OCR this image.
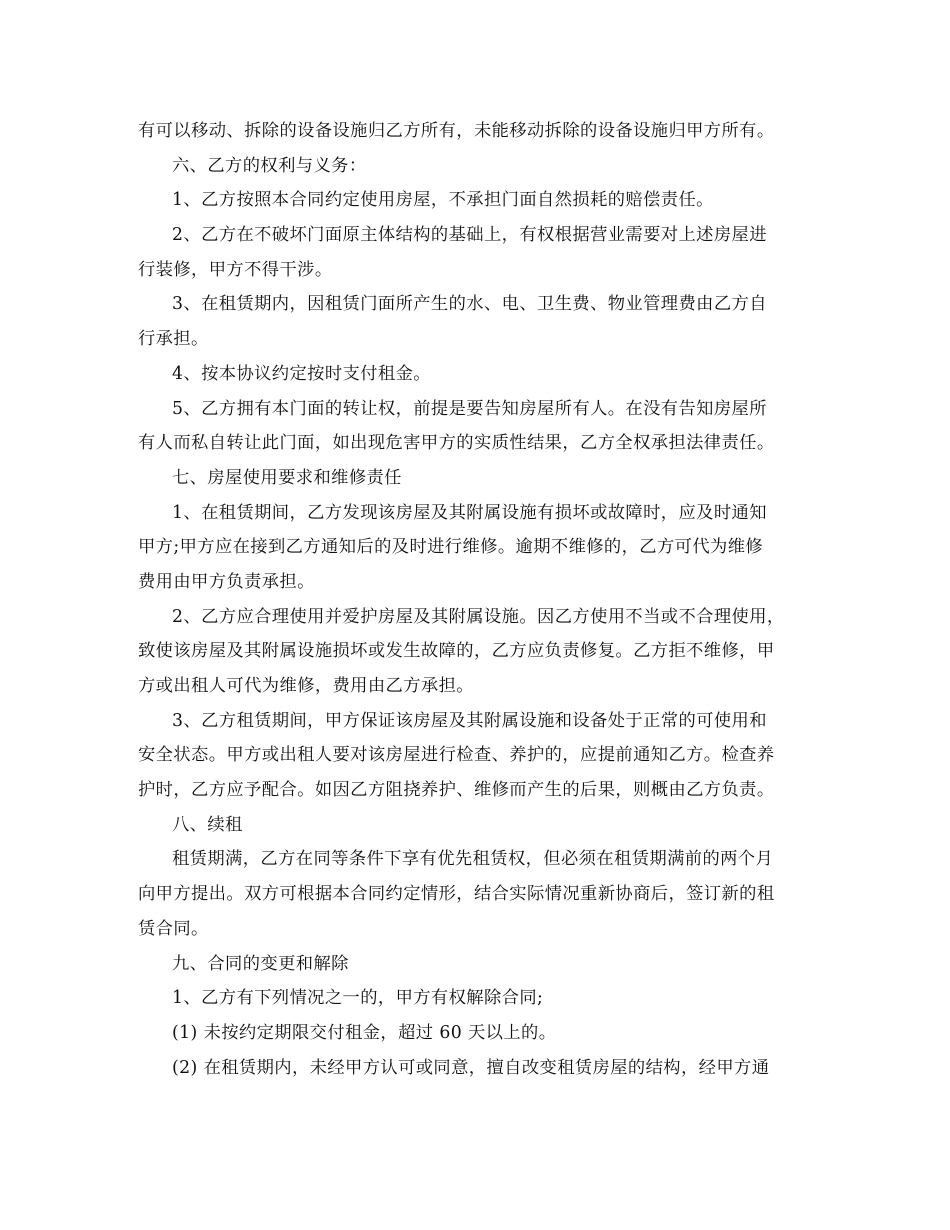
有可以移动、拆除的设备设施归乙方所有，未能移动拆除的设备设施归甲方所有。
六、乙方的权利与义务：
1、乙方按照本合同约定使用房屋，不承担门面自然损耗的赔偿责任。
2、乙方在不破坏门面原主体结构的基础上，有权根据营业需要对上述房屋进
行装修，甲方不得干涉。
3、在租赁期内，因租赁门面所产生的水、电、卫生费、物业管理费由乙方自
行承担。
4、按本协议约定按时支付租金。
5、乙方拥有本门面的转让权，前提是要告知房屋所有人。在没有告知房屋所
有人而私自转让此门面，如出现危害甲方的实质性结果，乙方全权承担法律责任。
七、房屋使用要求和维修责任
1、在租赁期间，乙方发现该房屋及其附属设施有损坏或故障时，应及时通知
甲方;甲方应在接到乙方通知后的及时进行维修。逾期不维修的，乙方可代为维修
费用由甲方负责承担。
2、乙方应合理使用并爱护房屋及其附属设施。因乙方使用不当或不合理使用，
致使该房屋及其附属设施损坏或发生故障的，乙方应负责修复。乙方拒不维修，甲
方或出租人可代为维修，费用由乙方承担。
3、乙方租赁期间，甲方保证该房屋及其附属设施和设备处于正常的可使用和
安全状态。甲方或出租人要对该房屋进行检查、养护的，应提前通知乙方。检查养
护时，乙方应予配合。如因乙方阻挠养护、维修而产生的后果，则概由乙方负责。
八、续租
租赁期满，乙方在同等条件下享有优先租赁权，但必须在租赁期满前的两个月
向甲方提出。双方可根据本合同约定情形，结合实际情况重新协商后，签订新的租
赁合同。
九、合同的变更和解除
1、乙方有下列情况之一的，甲方有权解除合同;
(1) 未按约定期限交付租金，超过 60 天以上的。
(2) 在租赁期内，未经甲方认可或同意，擅自改变租赁房屋的结构，经甲方通
